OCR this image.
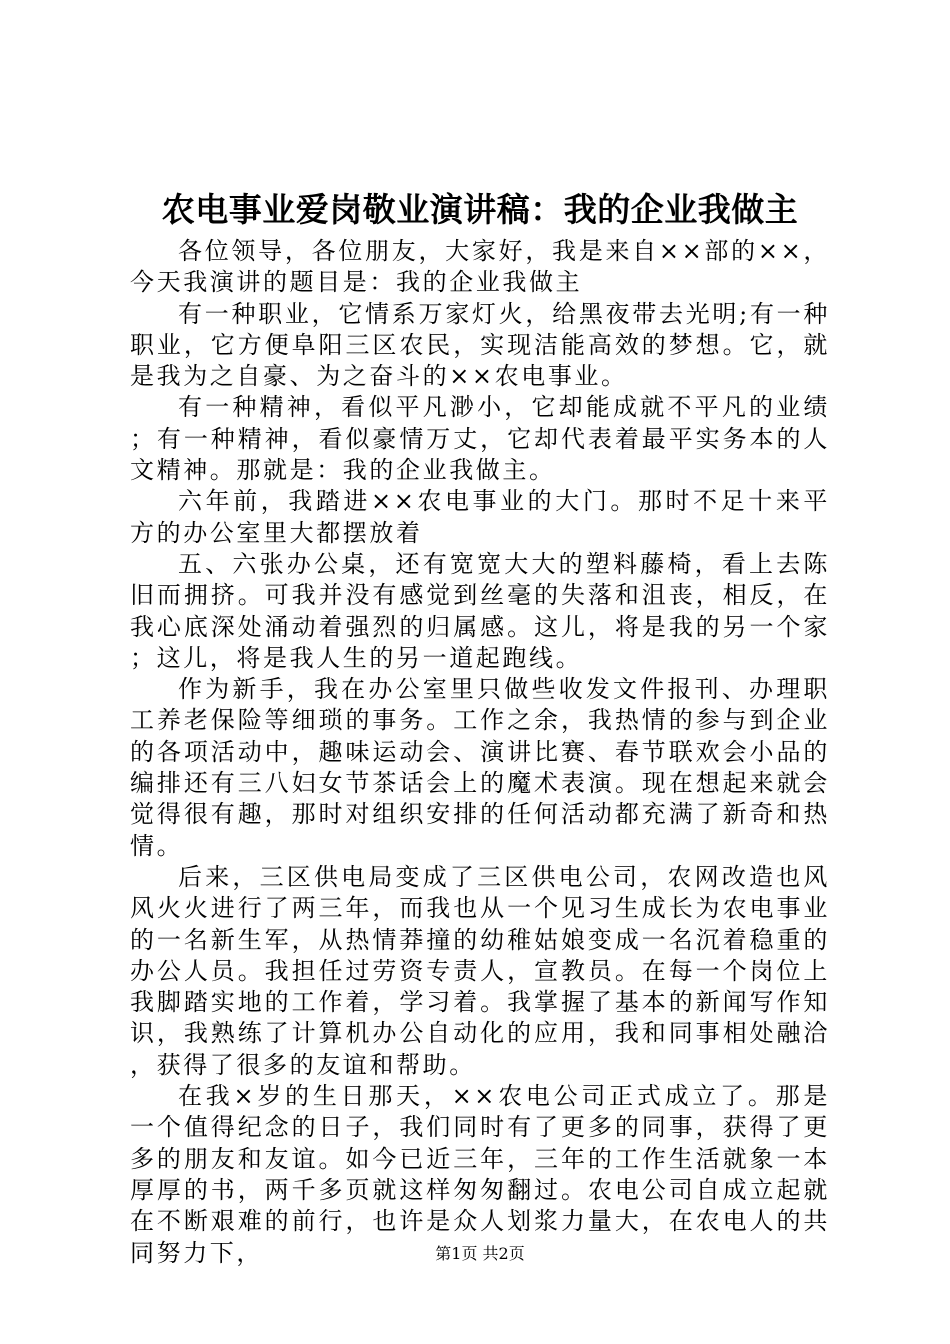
农电事业爱岗敬业演讲稿：我的企业我做主

各位领导，各位朋友，大家好，我是来自××部的××，今天我演讲的题目是：我的企业我做主

有一种职业，它情系万家灯火，给黑夜带去光明;有一种职业，它方便阜阳三区农民，实现洁能高效的梦想。它，就是我为之自豪、为之奋斗的××农电事业。

有一种精神，看似平凡渺小，它却能成就不平凡的业绩；有一种精神，看似豪情万丈，它却代表着最平实务本的人文精神。那就是：我的企业我做主。

六年前，我踏进××农电事业的大门。那时不足十来平方的办公室里大都摆放着

五、六张办公桌，还有宽宽大大的塑料藤椅，看上去陈旧而拥挤。可我并没有感觉到丝毫的失落和沮丧，相反，在我心底深处涌动着强烈的归属感。这儿，将是我的另一个家；这儿，将是我人生的另一道起跑线。

作为新手，我在办公室里只做些收发文件报刊、办理职工养老保险等细琐的事务。工作之余，我热情的参与到企业的各项活动中，趣味运动会、演讲比赛、春节联欢会小品的编排还有三八妇女节茶话会上的魔术表演。现在想起来就会觉得很有趣，那时对组织安排的任何活动都充满了新奇和热情。

后来，三区供电局变成了三区供电公司，农网改造也风风火火进行了两三年，而我也从一个见习生成长为农电事业的一名新生军，从热情莽撞的幼稚姑娘变成一名沉着稳重的办公人员。我担任过劳资专责人，宣教员。在每一个岗位上我脚踏实地的工作着，学习着。我掌握了基本的新闻写作知识，我熟练了计算机办公自动化的应用，我和同事相处融洽，获得了很多的友谊和帮助。

在我×岁的生日那天，××农电公司正式成立了。那是一个值得纪念的日子，我们同时有了更多的同事，获得了更多的朋友和友谊。如今已近三年，三年的工作生活就象一本厚厚的书，两千多页就这样匆匆翻过。农电公司自成立起就在不断艰难的前行，也许是众人划浆力量大，在农电人的共同努力下，	第1页 共2页
